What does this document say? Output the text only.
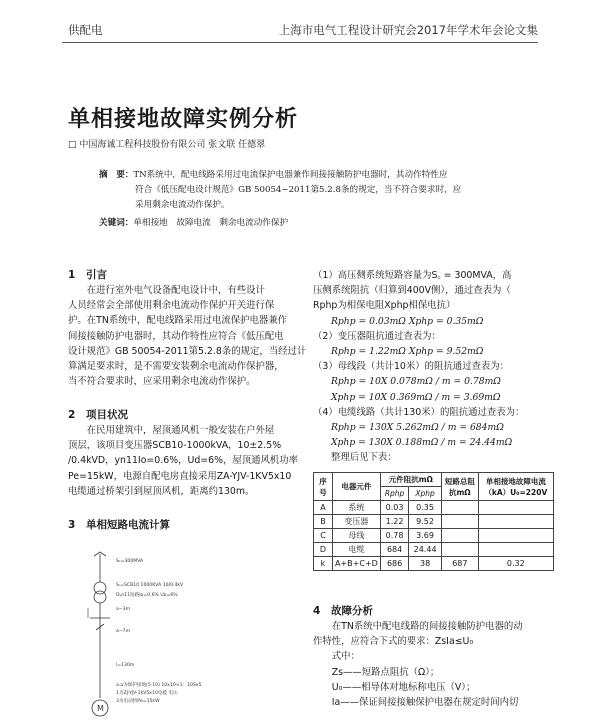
供配电	上海市电气工程设计研究会2017年学术年会论文集
单相接地故障实例分析
□ 中国海诚工程科技股份有限公司 张文联 任德翠
摘　要：TN系统中，配电线路采用过电流保护电器兼作间接接触防护电器时，其动作特性应
符合《低压配电设计规范》GB 50054−2011第5.2.8条的规定，当不符合要求时，应
采用剩余电流动作保护。
关键词：单相接地　故障电流　剩余电流动作保护
1 引言

　　在进行室外电气设备配电设计中，有些设计

人员经常会全部使用剩余电流动作保护开关进行保

护。在TN系统中，配电线路采用过电流保护电器兼作

间接接触防护电器时，其动作特性应符合《低压配电

设计规范》GB 50054-2011第5.2.8条的规定，当经过计

算满足要求时，是不需要安装剩余电流动作保护器，

当不符合要求时，应采用剩余电流动作保护。

2 项目状况

　　在民用建筑中，屋顶通风机一般安装在户外屋

顶层，该项目变压器SCB10-1000kVA，10±2.5%

/0.4kVD，yn11Io=0.6%，Ud=6%，屋顶通风机功率

Pe=15kW，电源自配电房直接采用ZA-YJV-1KV5x10

电缆通过桥架引到屋顶风机，距离约130m。

3 单相短路电流计算
M
Sₛ=300MVA
Sᵣ=SCB10 1000KVA 10/0.4kV
Dᵧn11短路Io=0.6% Uᴅ=6%
a−3m
a−7m
l=130m
a.a为保护接地(5·10) 10x10×1：10Sx5
1为ZJ-YJV-1kV5x10电缆 电压
3为电动机Pe=15kW

（1）高压侧系统短路容量为S꜀ = 300MVA，高

压侧系统阻抗（归算到400V侧），通过查表为（

Rphp为相保电阻Xphp相保电抗）

Rphp = 0.03mΩ Xphp = 0.35mΩ

（2）变压器阻抗通过查表为：

Rphp = 1.22mΩ Xphp = 9.52mΩ

（3）母线段（共计10米）的阻抗通过查表为：

Rphp = 10X 0.078mΩ / m = 0.78mΩ

Xphp = 10X 0.369mΩ / m = 3.69mΩ

（4）电缆线路（共计130米）的阻抗通过查表为：

Rphp = 130X 5.262mΩ / m = 684mΩ

Xphp = 130X 0.188mΩ / m = 24.44mΩ

整理后见下表：

序号	电器元件	元件阻抗mΩ		短路总阻抗mΩ	单相接地故障电流（kA）U₀=220V
		Rphp	Xphp		
A	系统	0.03	0.35		
B	变压器	1.22	9.52		
C	母线	0.78	3.69		
D	电缆	684	24.44		
k	A+B+C+D	686	38	687	0.32
4 故障分析

　　在TN系统中配电线路的间接接触防护电器的动

作特性，应符合下式的要求：ZsIa≤U₀

　　式中：

　　Zs——短路点阻抗（Ω）；

　　U₀——相导体对地标称电压（V）；

　　Ia——保证间接接触保护电器在规定时间内切
